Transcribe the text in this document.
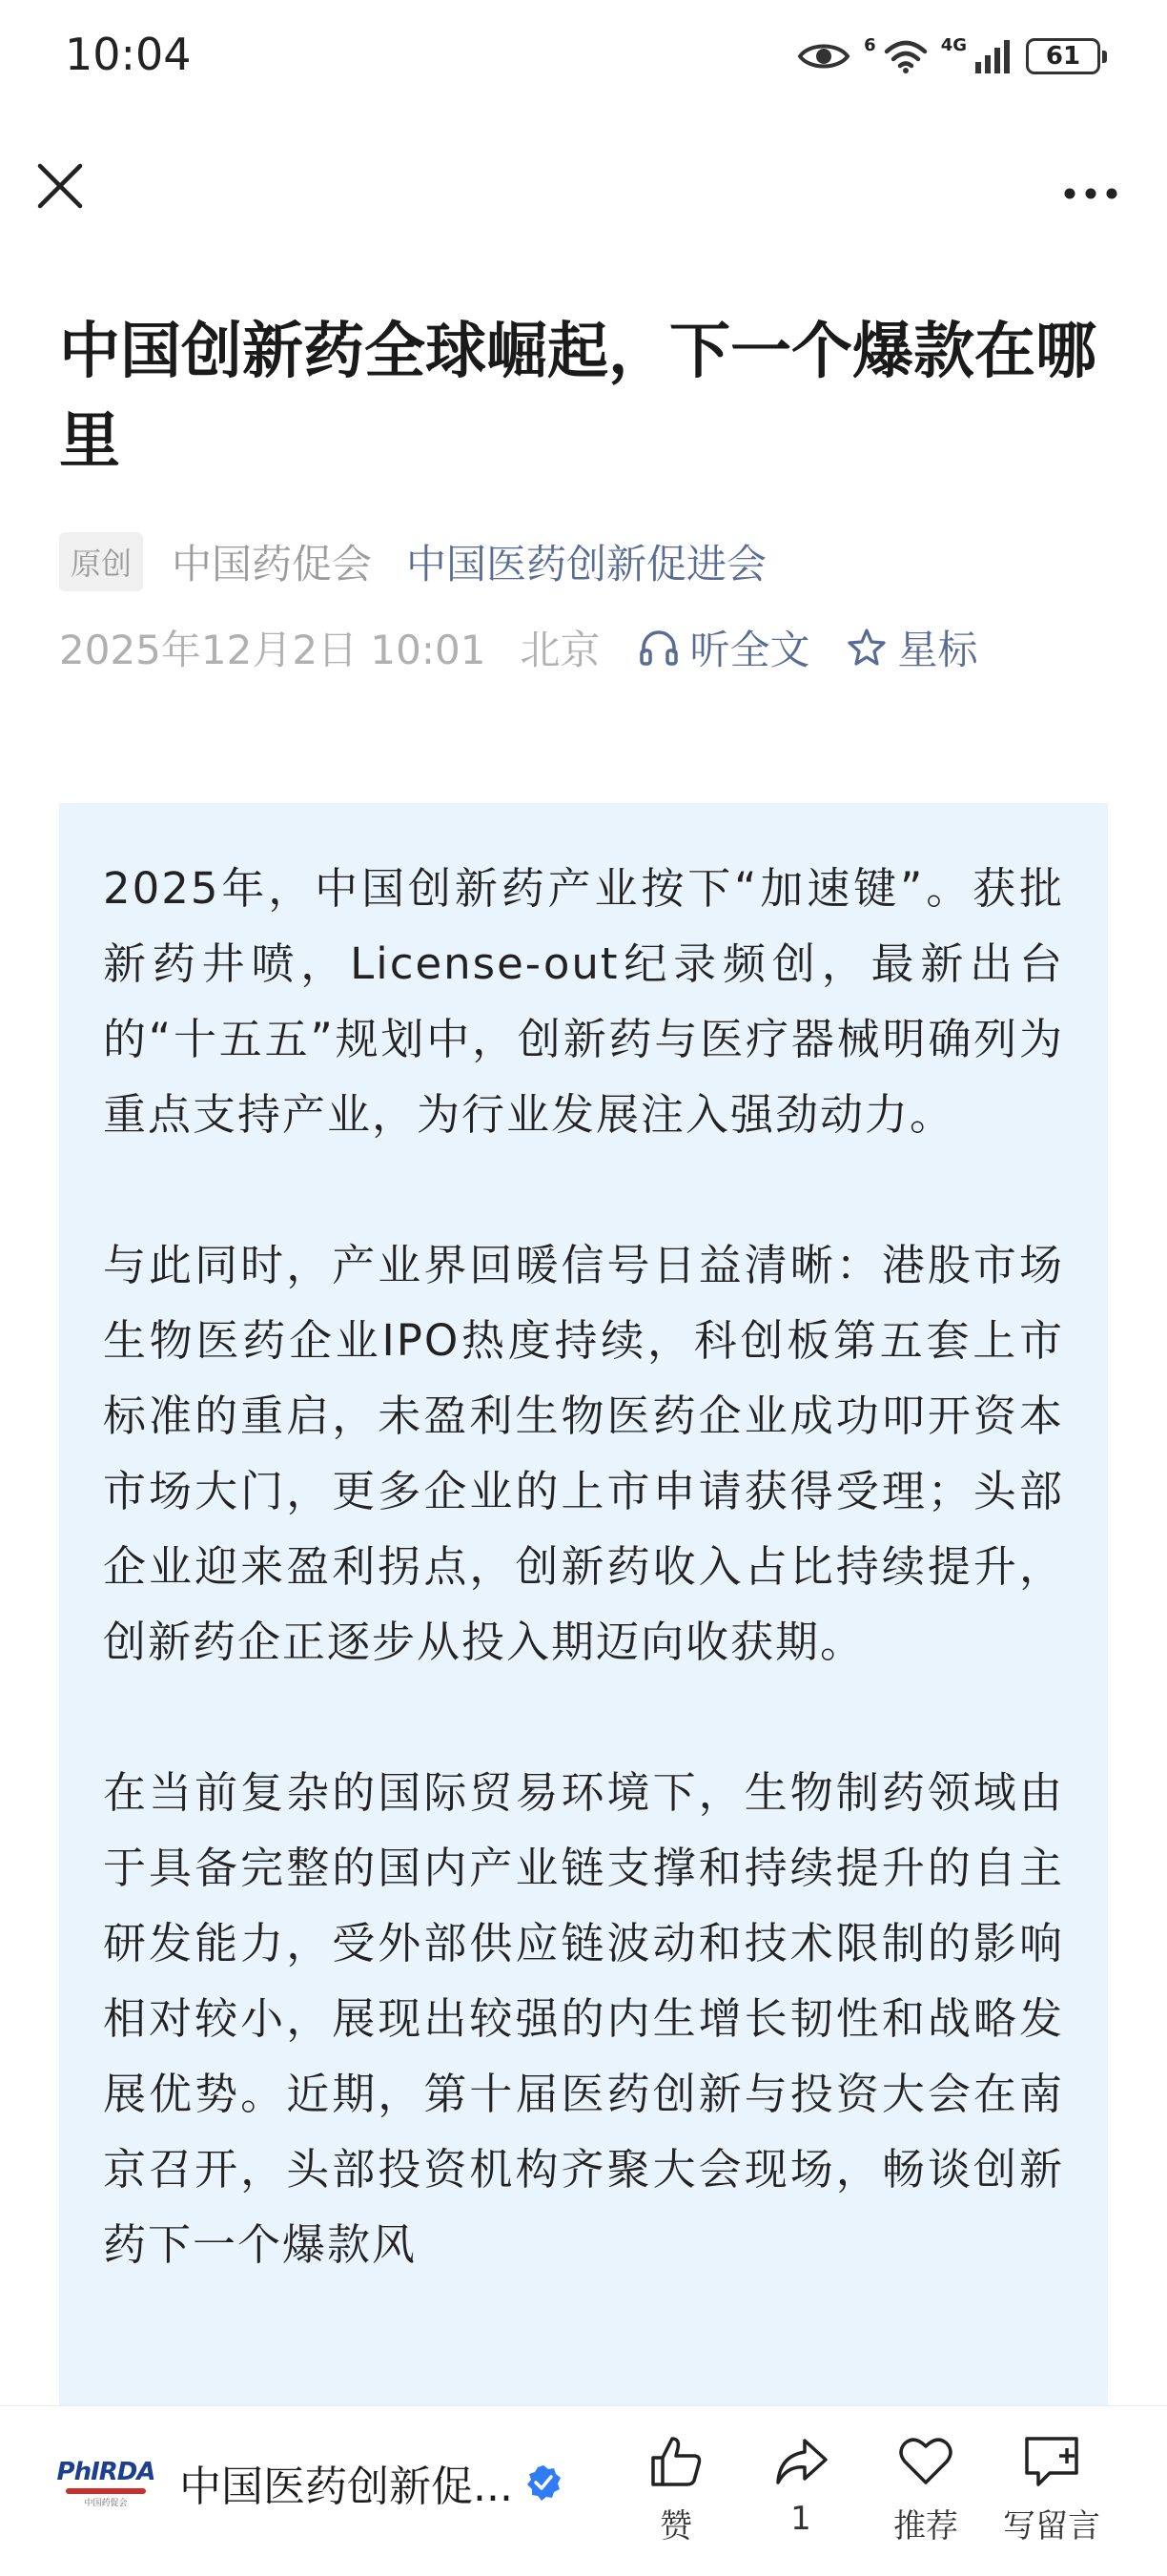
10:04	6	4G	61
中国创新药全球崛起，下一个爆款在哪里
原创 中国药促会 中国医药创新促进会
2025年12月2日 10:01 北京 听全文 星标

2025年，中国创新药产业按下“加速键”。获批新药井喷，License-out纪录频创，最新出台的“十五五”规划中，创新药与医疗器械明确列为重点支持产业，为行业发展注入强劲动力。

与此同时，产业界回暖信号日益清晰：港股市场生物医药企业IPO热度持续，科创板第五套上市标准的重启，未盈利生物医药企业成功叩开资本市场大门，更多企业的上市申请获得受理；头部企业迎来盈利拐点，创新药收入占比持续提升，创新药企正逐步从投入期迈向收获期。

在当前复杂的国际贸易环境下，生物制药领域由于具备完整的国内产业链支撑和持续提升的自主研发能力，受外部供应链波动和技术限制的影响相对较小，展现出较强的内生增长韧性和战略发展优势。近期，第十届医药创新与投资大会在南京召开，头部投资机构齐聚大会现场，畅谈创新药下一个爆款风

PhIRDA
中国药促会 中国医药创新促...
赞	1	推荐 写留言
